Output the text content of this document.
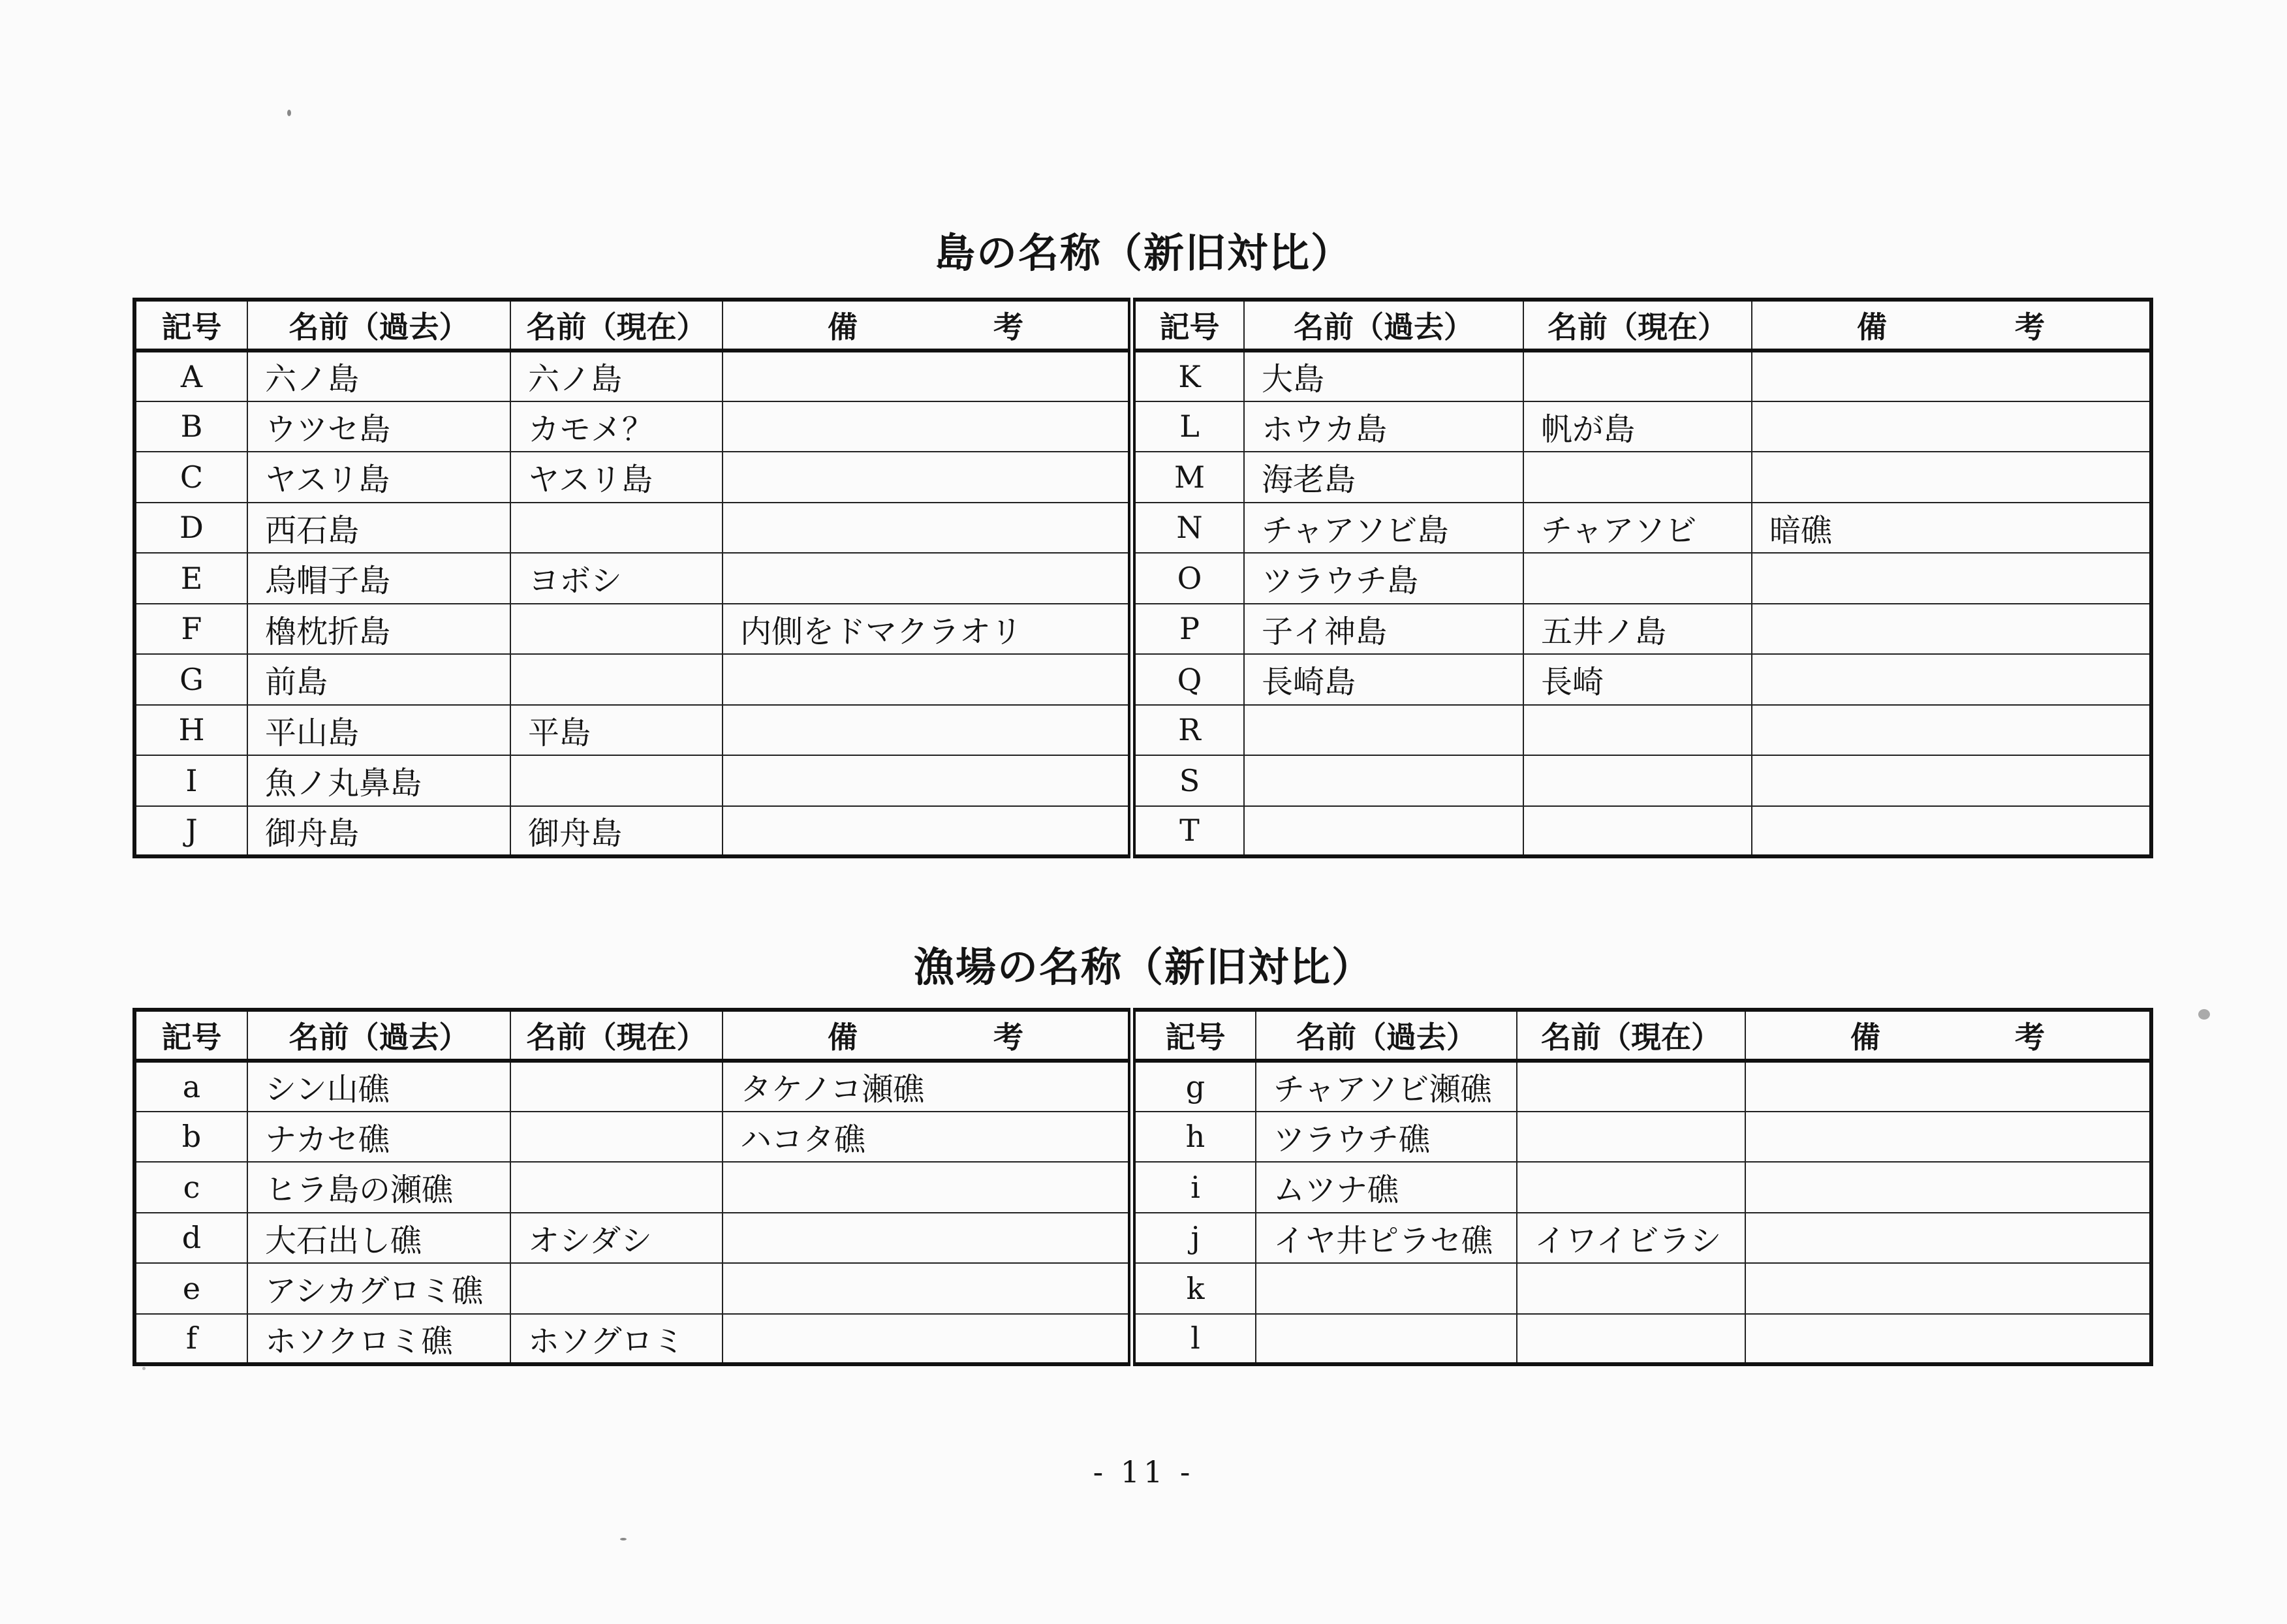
島の名称（新旧対比）
記号	名前（過去）	名前（現在）	備 考	記号	名前（過去）	名前（現在）	備 考

A	六ノ島	六ノ島		K	大島		
B	ウツセ島	カモメ？		L	ホウカ島	帆が島	
C	ヤスリ島	ヤスリ島		M	海老島		
D	西石島			N	チャアソビ島	チャアソビ	暗礁
E	烏帽子島	ヨボシ		O	ツラウチ島		
F	櫓枕折島		内側をドマクラオリ	P	子イ神島	五井ノ島	
G	前島			Q	長崎島	長崎	
H	平山島	平島		R			
I	魚ノ丸鼻島			S			
J	御舟島	御舟島		T			
漁場の名称（新旧対比）
記号	名前（過去）	名前（現在）	備 考	記号	名前（過去）	名前（現在）	備 考

a	シン山礁		タケノコ瀬礁	g	チャアソビ瀬礁		
b	ナカセ礁		ハコタ礁	h	ツラウチ礁		
c	ヒラ島の瀬礁			i	ムツナ礁		
d	大石出し礁	オシダシ		j	イヤ井ピラセ礁	イワイビラシ	
e	アシカグロミ礁			k			
f	ホソクロミ礁	ホソグロミ		l			
- 11 -
